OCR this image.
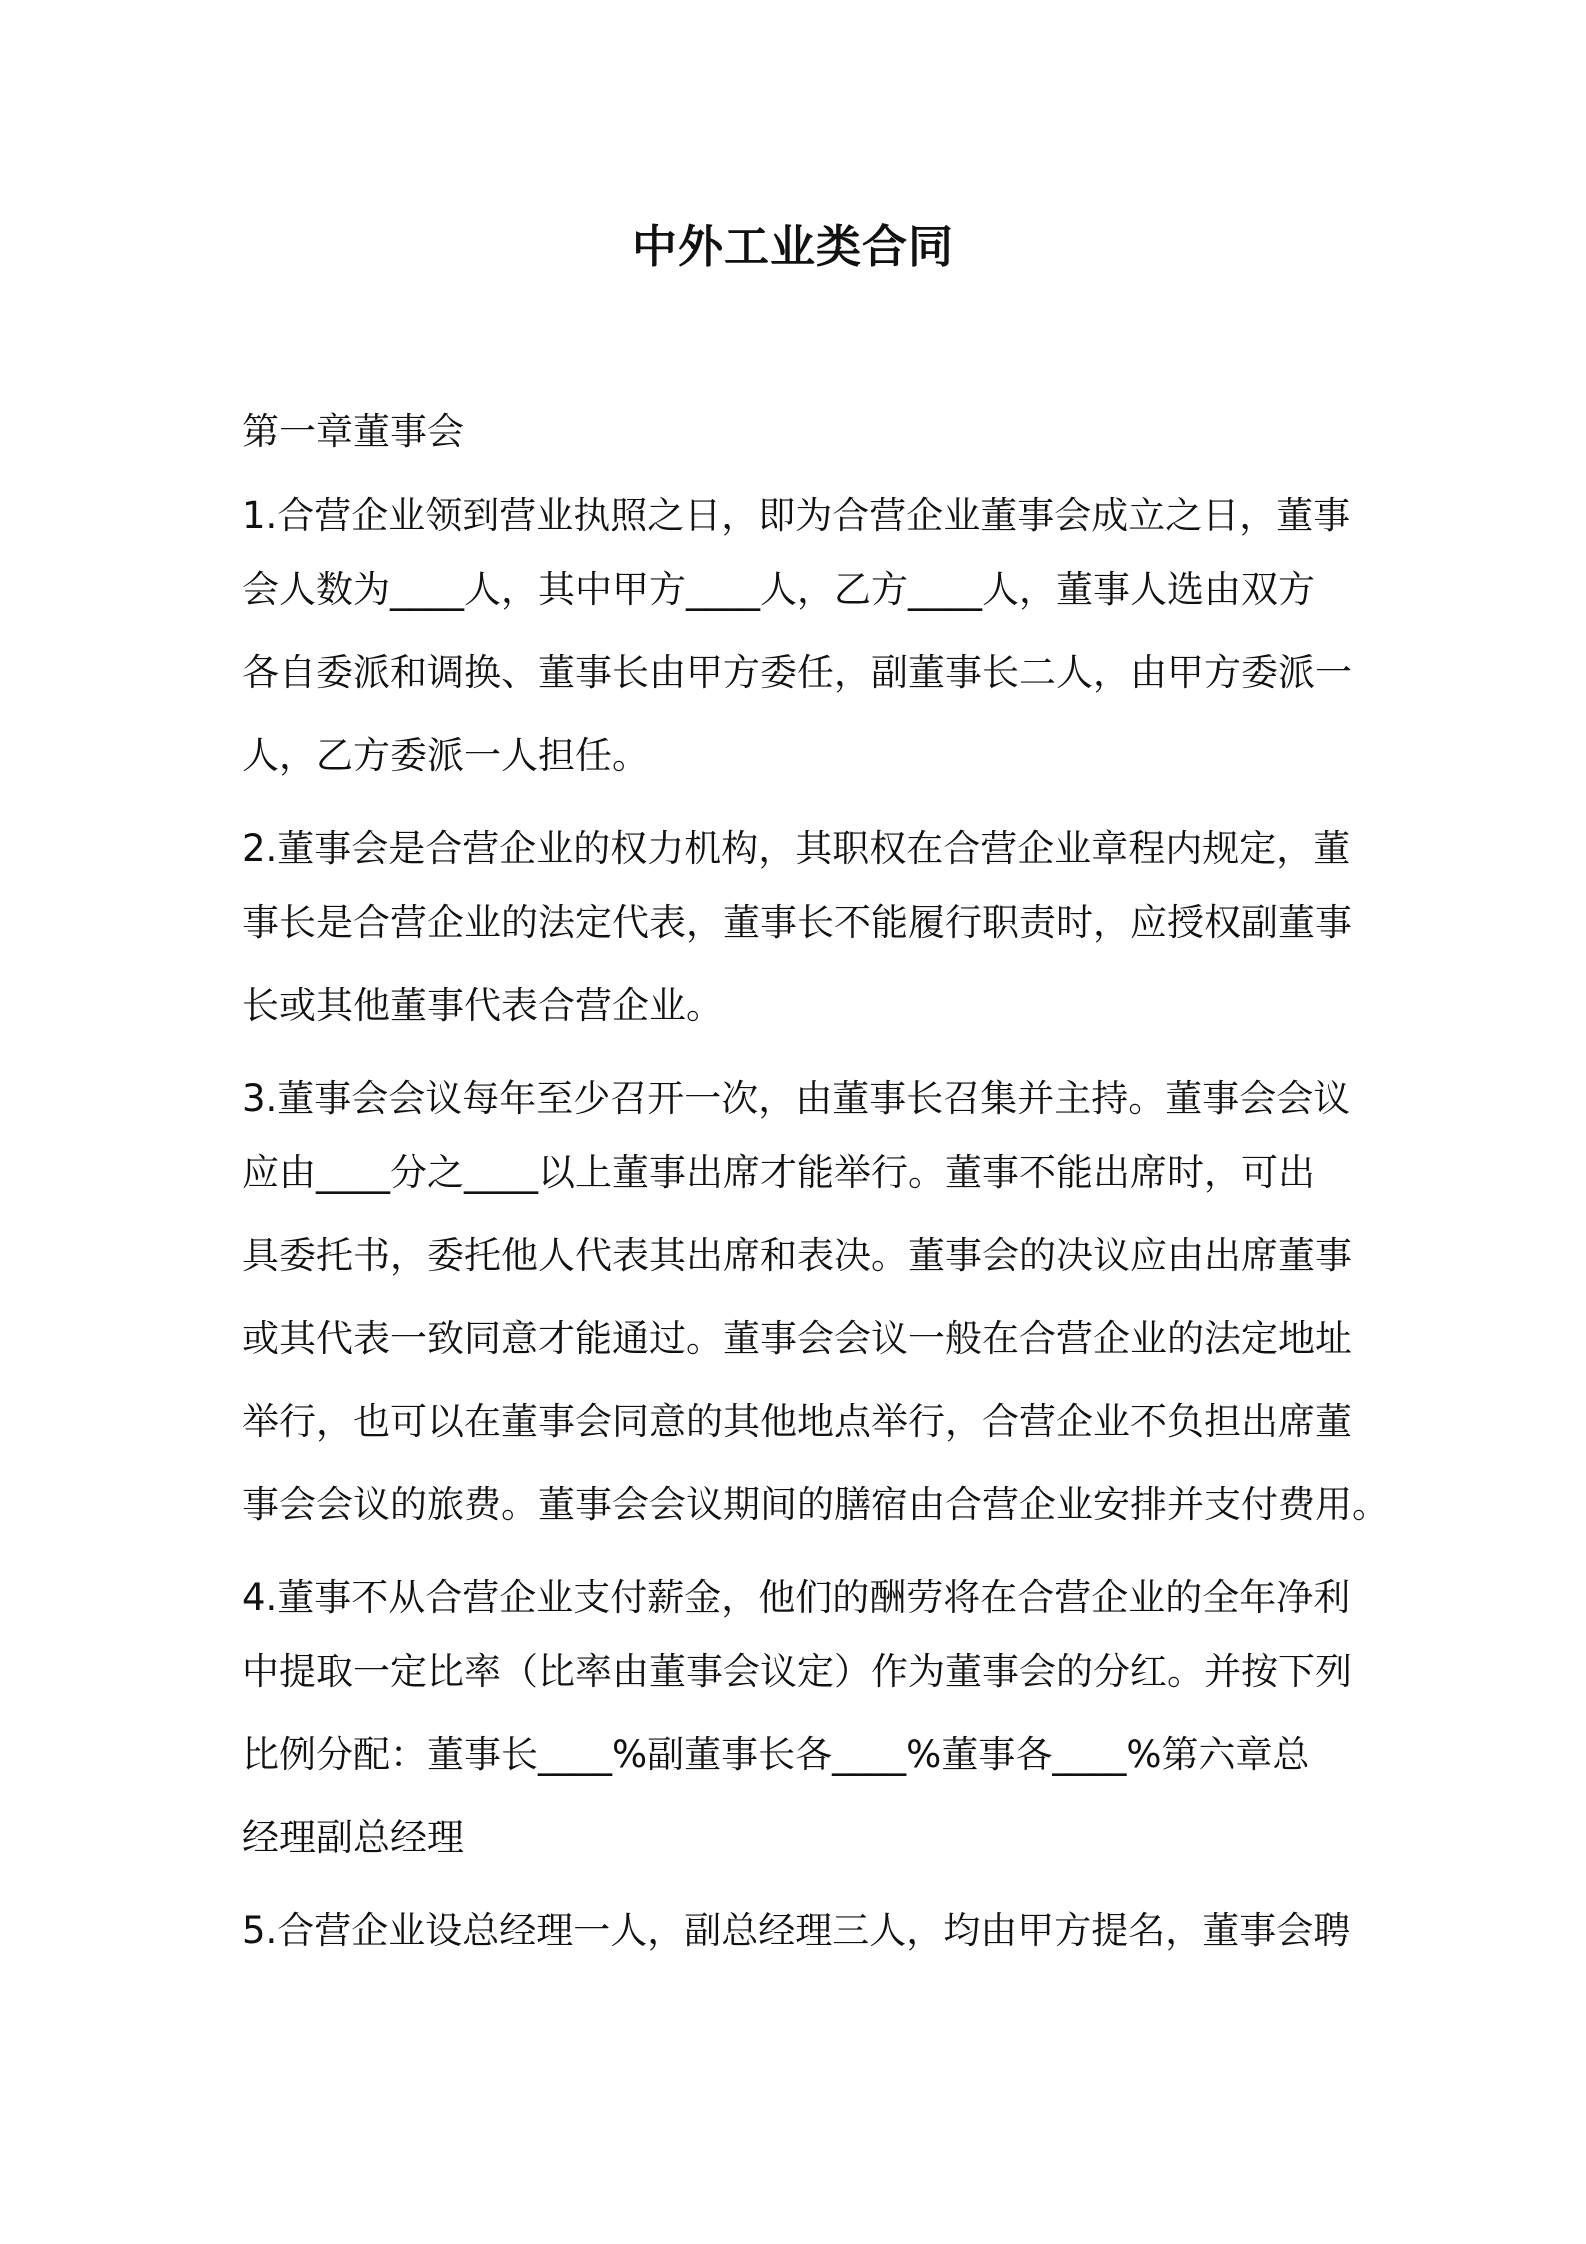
中外工业类合同
第一章董事会
1.合营企业领到营业执照之日，即为合营企业董事会成立之日，董事
会人数为____人，其中甲方____人，乙方____人，董事人选由双方
各自委派和调换、董事长由甲方委任，副董事长二人，由甲方委派一
人，乙方委派一人担任。
2.董事会是合营企业的权力机构，其职权在合营企业章程内规定，董
事长是合营企业的法定代表，董事长不能履行职责时，应授权副董事
长或其他董事代表合营企业。
3.董事会会议每年至少召开一次，由董事长召集并主持。董事会会议
应由____分之____以上董事出席才能举行。董事不能出席时，可出
具委托书，委托他人代表其出席和表决。董事会的决议应由出席董事
或其代表一致同意才能通过。董事会会议一般在合营企业的法定地址
举行，也可以在董事会同意的其他地点举行，合营企业不负担出席董
事会会议的旅费。董事会会议期间的膳宿由合营企业安排并支付费用。
4.董事不从合营企业支付薪金，他们的酬劳将在合营企业的全年净利
中提取一定比率（比率由董事会议定）作为董事会的分红。并按下列
比例分配：董事长____%副董事长各____%董事各____%第六章总
经理副总经理
5.合营企业设总经理一人，副总经理三人，均由甲方提名，董事会聘
